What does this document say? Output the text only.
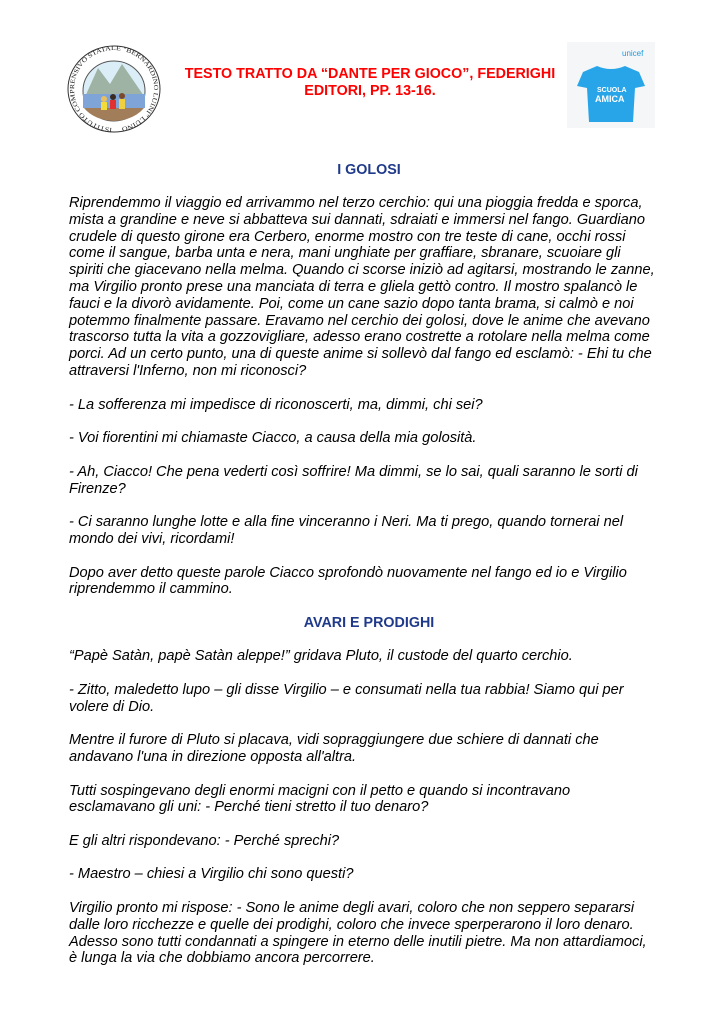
ISTITUTO COMPRENSIVO STATALE "BERNARDINO LUINI" LUINO
TESTO TRATTO DA “DANTE PER GIOCO”, FEDERIGHI
EDITORI, PP. 13-16.
unicef
SCUOLA
AMICA
I GOLOSI
Riprendemmo il viaggio ed arrivammo nel terzo cerchio: qui una pioggia fredda e sporca,
mista a grandine e neve si abbatteva sui dannati, sdraiati e immersi nel fango. Guardiano
crudele di questo girone era Cerbero, enorme mostro con tre teste di cane, occhi rossi
come il sangue, barba unta e nera, mani unghiate per graffiare, sbranare, scuoiare gli
spiriti che giacevano nella melma. Quando ci scorse iniziò ad agitarsi, mostrando le zanne,
ma Virgilio pronto prese una manciata di terra e gliela gettò contro. Il mostro spalancò le
fauci e la divorò avidamente. Poi, come un cane sazio dopo tanta brama, si calmò e noi
potemmo finalmente passare. Eravamo nel cerchio dei golosi, dove le anime che avevano
trascorso tutta la vita a gozzovigliare, adesso erano costrette a rotolare nella melma come
porci. Ad un certo punto, una di queste anime si sollevò dal fango ed esclamò: - Ehi tu che
attraversi l'Inferno, non mi riconosci?
- La sofferenza mi impedisce di riconoscerti, ma, dimmi, chi sei?
- Voi fiorentini mi chiamaste Ciacco, a causa della mia golosità.
- Ah, Ciacco! Che pena vederti così soffrire! Ma dimmi, se lo sai, quali saranno le sorti di
Firenze?
- Ci saranno lunghe lotte e alla fine vinceranno i Neri. Ma ti prego, quando tornerai nel
mondo dei vivi, ricordami!
Dopo aver detto queste parole Ciacco sprofondò nuovamente nel fango ed io e Virgilio
riprendemmo il cammino.
AVARI E PRODIGHI
“Papè Satàn, papè Satàn aleppe!” gridava Pluto, il custode del quarto cerchio.
- Zitto, maledetto lupo – gli disse Virgilio – e consumati nella tua rabbia! Siamo qui per
volere di Dio.
Mentre il furore di Pluto si placava, vidi sopraggiungere due schiere di dannati che
andavano l'una in direzione opposta all'altra.
Tutti sospingevano degli enormi macigni con il petto e quando si incontravano
esclamavano gli uni: - Perché tieni stretto il tuo denaro?
E gli altri rispondevano: - Perché sprechi?
- Maestro – chiesi a Virgilio chi sono questi?
Virgilio pronto mi rispose: - Sono le anime degli avari, coloro che non seppero separarsi
dalle loro ricchezze e quelle dei prodighi, coloro che invece sperperarono il loro denaro.
Adesso sono tutti condannati a spingere in eterno delle inutili pietre. Ma non attardiamoci,
è lunga la via che dobbiamo ancora percorrere.
